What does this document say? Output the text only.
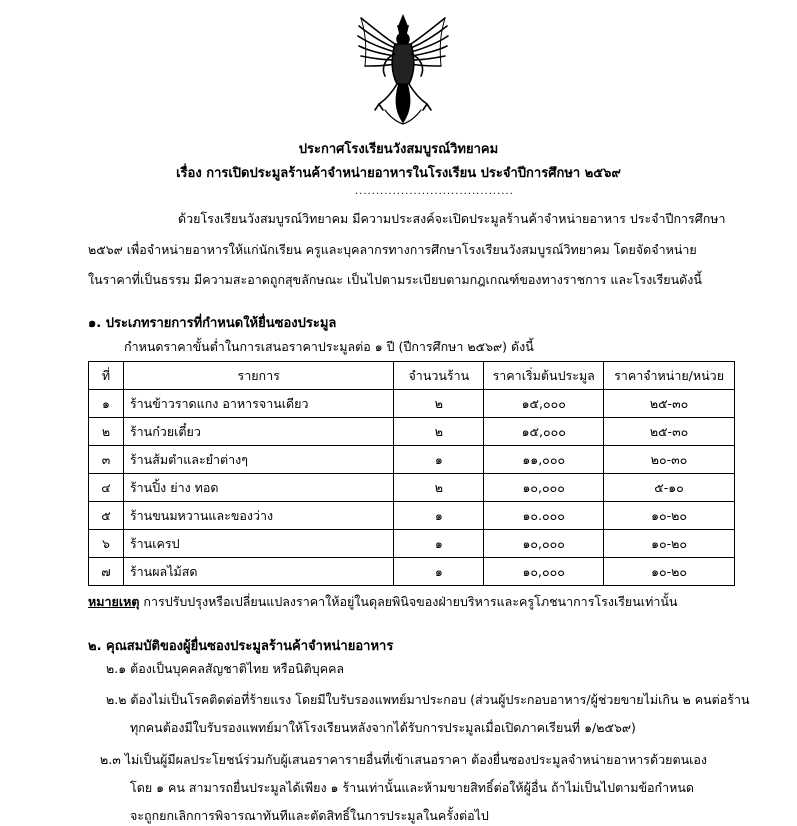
ประกาศโรงเรียนวังสมบูรณ์วิทยาคม
เรื่อง การเปิดประมูลร้านค้าจำหน่ายอาหารในโรงเรียน ประจำปีการศึกษา ๒๕๖๙
......................................
ด้วยโรงเรียนวังสมบูรณ์วิทยาคม มีความประสงค์จะเปิดประมูลร้านค้าจำหน่ายอาหาร ประจำปีการศึกษา
๒๕๖๙ เพื่อจำหน่ายอาหารให้แก่นักเรียน ครูและบุคลากรทางการศึกษาโรงเรียนวังสมบูรณ์วิทยาคม โดยจัดจำหน่าย
ในราคาที่เป็นธรรม มีความสะอาดถูกสุขลักษณะ เป็นไปตามระเบียบตามกฎเกณฑ์ของทางราชการ และโรงเรียนดังนี้
๑. ประเภทรายการที่กำหนดให้ยื่นซองประมูล
กำหนดราคาขั้นต่ำในการเสนอราคาประมูลต่อ ๑ ปี (ปีการศึกษา ๒๕๖๙) ดังนี้
ที่	รายการ	จำนวนร้าน	ราคาเริ่มต้นประมูล	ราคาจำหน่าย/หน่วย
๑	ร้านข้าวราดแกง อาหารจานเดียว	๒	๑๕,๐๐๐	๒๕-๓๐
๒	ร้านก๋วยเตี๋ยว	๒	๑๕,๐๐๐	๒๕-๓๐
๓	ร้านส้มตำและยำต่างๆ	๑	๑๑,๐๐๐	๒๐-๓๐
๔	ร้านปิ้ง ย่าง ทอด	๒	๑๐,๐๐๐	๕-๑๐
๕	ร้านขนมหวานและของว่าง	๑	๑๐.๐๐๐	๑๐-๒๐
๖	ร้านเครป	๑	๑๐,๐๐๐	๑๐-๒๐
๗	ร้านผลไม้สด	๑	๑๐,๐๐๐	๑๐-๒๐
หมายเหตุ การปรับปรุงหรือเปลี่ยนแปลงราคาให้อยู่ในดุลยพินิจของฝ่ายบริหารและครูโภชนาการโรงเรียนเท่านั้น
๒. คุณสมบัติของผู้ยื่นซองประมูลร้านค้าจำหน่ายอาหาร
๒.๑ ต้องเป็นบุคคลสัญชาติไทย หรือนิติบุคคล
๒.๒ ต้องไม่เป็นโรคติดต่อที่ร้ายแรง โดยมีใบรับรองแพทย์มาประกอบ (ส่วนผู้ประกอบอาหาร/ผู้ช่วยขายไม่เกิน ๒ คนต่อร้าน
ทุกคนต้องมีใบรับรองแพทย์มาให้โรงเรียนหลังจากได้รับการประมูลเมื่อเปิดภาคเรียนที่ ๑/๒๕๖๙)
๒.๓ ไม่เป็นผู้มีผลประโยชน์ร่วมกับผู้เสนอราคารายอื่นที่เข้าเสนอราคา ต้องยื่นซองประมูลจำหน่ายอาหารด้วยตนเอง
โดย ๑ คน สามารถยื่นประมูลได้เพียง ๑ ร้านเท่านั้นและห้ามขายสิทธิ์ต่อให้ผู้อื่น ถ้าไม่เป็นไปตามข้อกำหนด
จะถูกยกเลิกการพิจารณาทันทีและตัดสิทธิ์ในการประมูลในครั้งต่อไป
